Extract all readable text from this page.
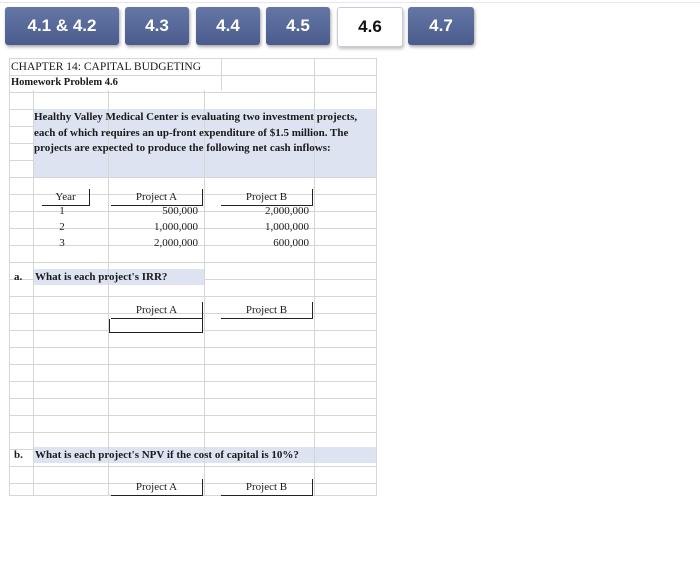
4.1 & 4.2	4.3	4.4	4.5	4.6	4.7
CHAPTER 14: CAPITAL BUDGETING
Homework Problem 4.6
Healthy Valley Medical Center is evaluating two investment projects, each of which requires an up-front expenditure of $1.5 million. The projects are expected to produce the following net cash inflows:
Year	Project A	Project B
1	500,000	2,000,000
2	1,000,000	1,000,000
3	2,000,000	600,000
a. What is each project's IRR?
Project A	Project B
b. What is each project's NPV if the cost of capital is 10%?
Project A	Project B
